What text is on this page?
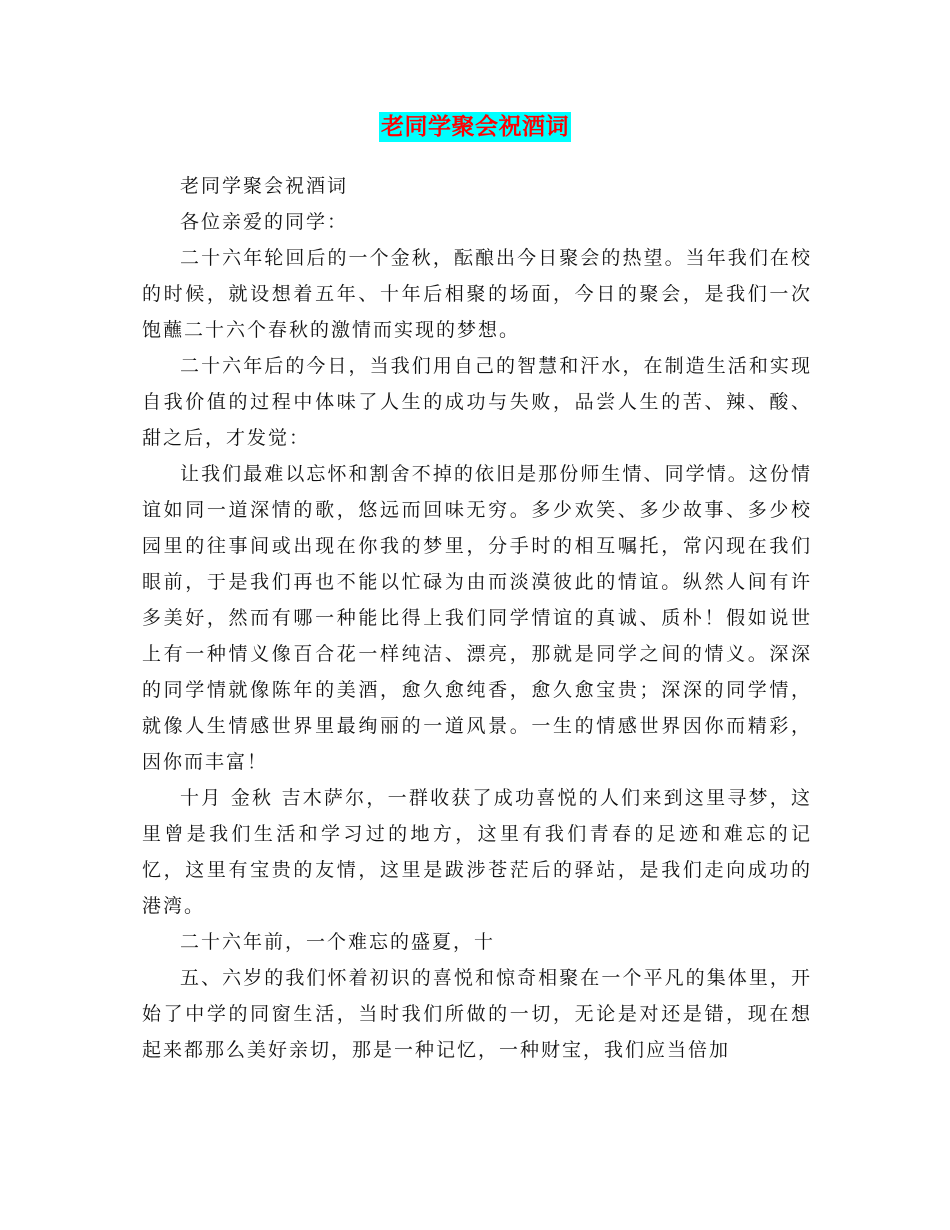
老同学聚会祝酒词

老同学聚会祝酒词

各位亲爱的同学：

二十六年轮回后的一个金秋，酝酿出今日聚会的热望。当年我们在校的时候，就设想着五年、十年后相聚的场面，今日的聚会，是我们一次饱蘸二十六个春秋的激情而实现的梦想。

二十六年后的今日，当我们用自己的智慧和汗水，在制造生活和实现自我价值的过程中体味了人生的成功与失败，品尝人生的苦、辣、酸、甜之后，才发觉：

让我们最难以忘怀和割舍不掉的依旧是那份师生情、同学情。这份情谊如同一道深情的歌，悠远而回味无穷。多少欢笑、多少故事、多少校园里的往事间或出现在你我的梦里，分手时的相互嘱托，常闪现在我们眼前，于是我们再也不能以忙碌为由而淡漠彼此的情谊。纵然人间有许多美好，然而有哪一种能比得上我们同学情谊的真诚、质朴！假如说世上有一种情义像百合花一样纯洁、漂亮，那就是同学之间的情义。深深的同学情就像陈年的美酒，愈久愈纯香，愈久愈宝贵；深深的同学情，就像人生情感世界里最绚丽的一道风景。一生的情感世界因你而精彩，因你而丰富！

十月 金秋 吉木萨尔，一群收获了成功喜悦的人们来到这里寻梦，这里曾是我们生活和学习过的地方，这里有我们青春的足迹和难忘的记忆，这里有宝贵的友情，这里是跋涉苍茫后的驿站，是我们走向成功的港湾。

二十六年前，一个难忘的盛夏，十

五、六岁的我们怀着初识的喜悦和惊奇相聚在一个平凡的集体里，开始了中学的同窗生活，当时我们所做的一切，无论是对还是错，现在想起来都那么美好亲切，那是一种记忆，一种财宝，我们应当倍加
